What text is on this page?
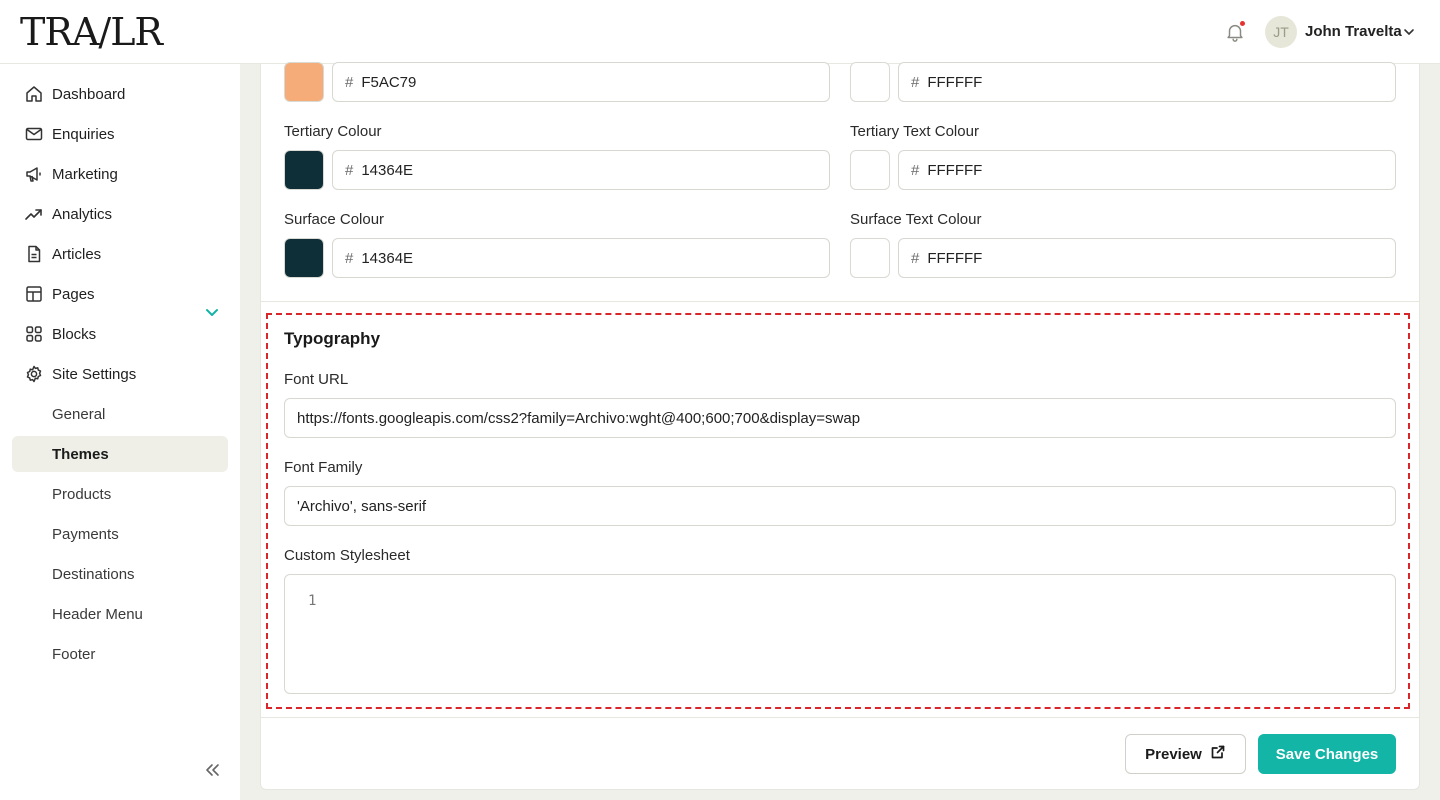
TRA/LR	JT	John Travelta
Dashboard
Enquiries
Marketing
Analytics
Articles
Pages
Blocks
Site Settings
General
Themes
Products
Payments
Destinations
Header Menu
Footer
# F5AC79	# FFFFFF
Tertiary Colour	Tertiary Text Colour
# 14364E	# FFFFFF
Surface Colour	Surface Text Colour
# 14364E	# FFFFFF
Typography
Font URL
https://fonts.googleapis.com/css2?family=Archivo:wght@400;600;700&display=swap
Font Family
'Archivo', sans-serif
Custom Stylesheet
1
Preview	Save Changes
